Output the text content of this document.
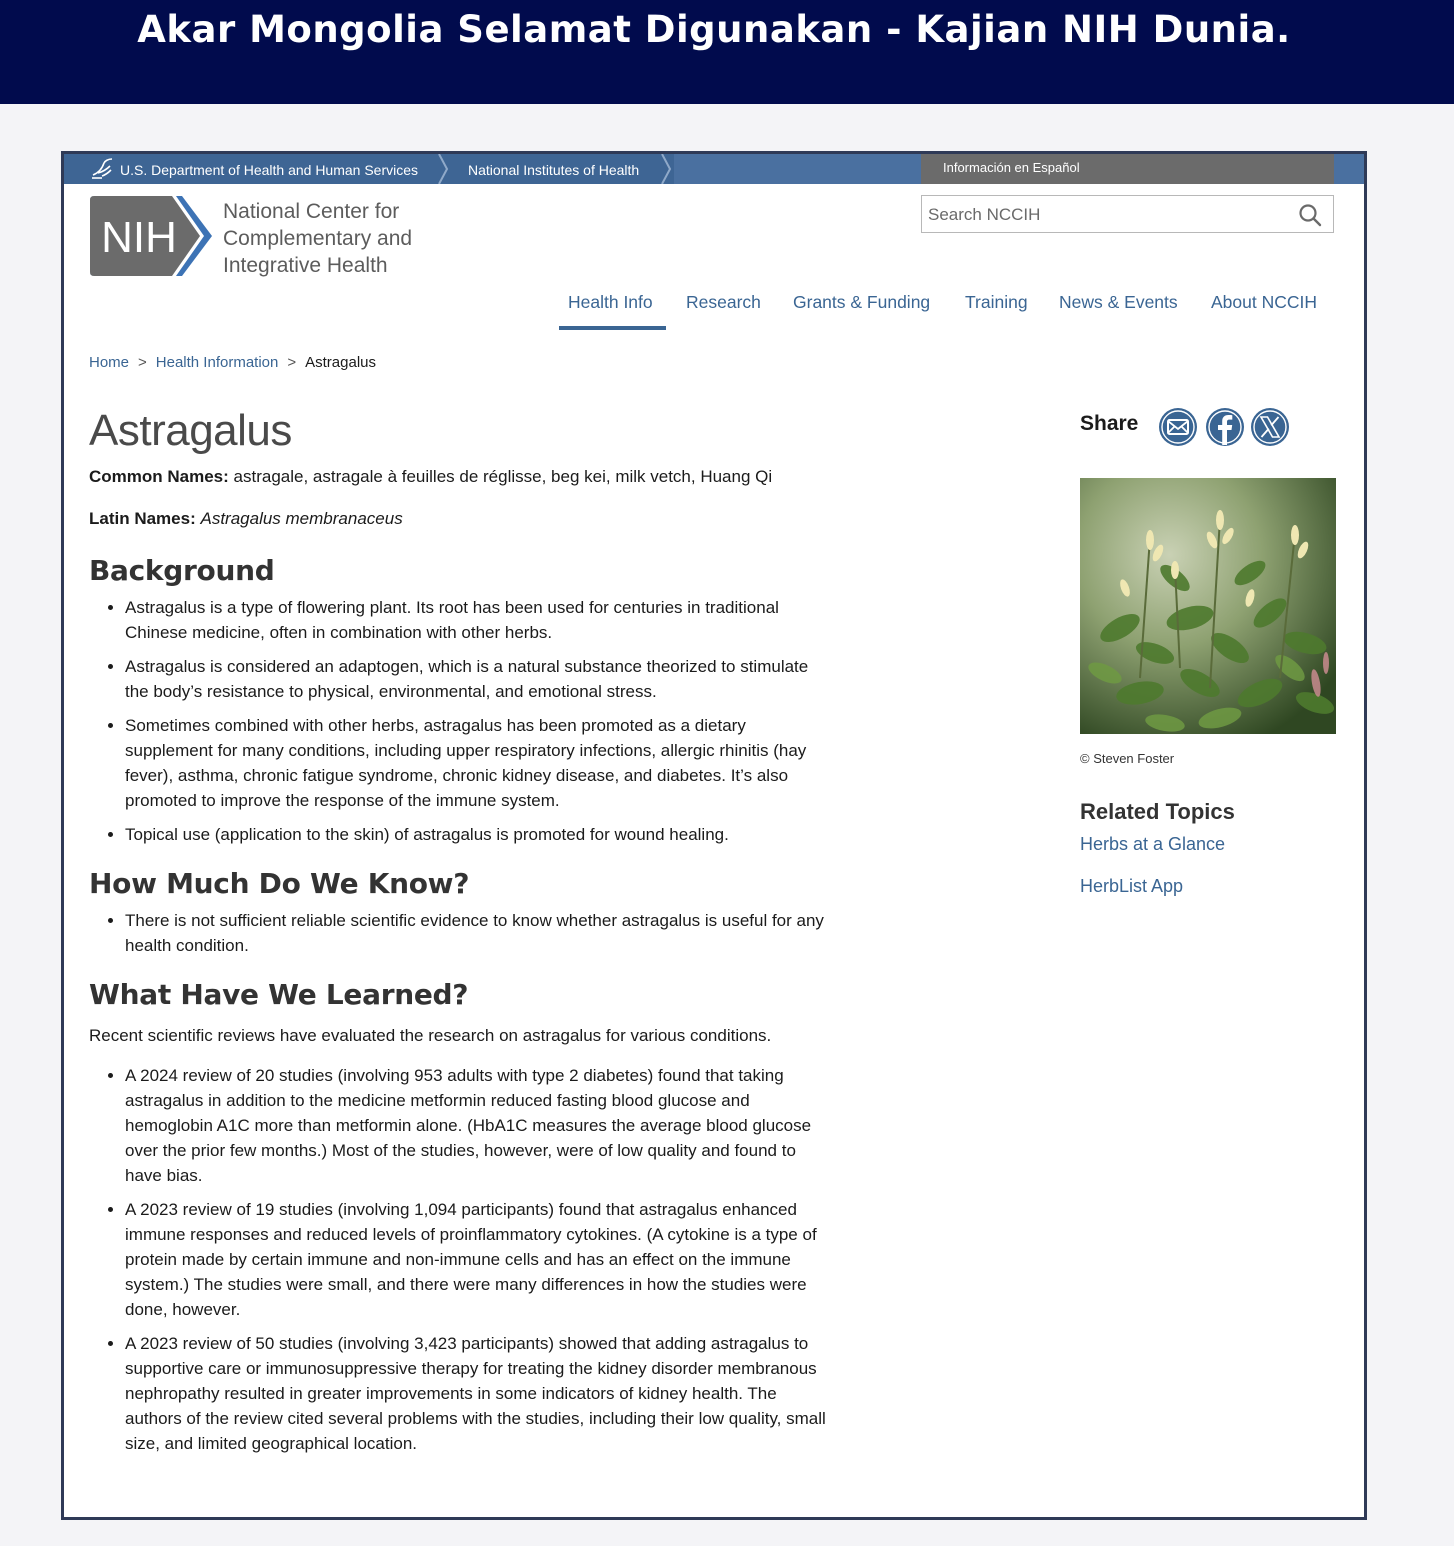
Akar Mongolia Selamat Digunakan - Kajian NIH Dunia.
U.S. Department of Health and Human Services	National Institutes of Health	Información en Español
NIH
National Center for
Complementary and
Integrative Health
Search NCCIH
Health Info Research Grants & Funding Training News & Events About NCCIH
Home > Health Information > Astragalus
Astragalus

Common Names: astragale, astragale à feuilles de réglisse, beg kei, milk vetch, Huang Qi

Latin Names: Astragalus membranaceus

Background
• Astragalus is a type of flowering plant. Its root has been used for centuries in traditional Chinese medicine, often in combination with other herbs.
• Astragalus is considered an adaptogen, which is a natural substance theorized to stimulate the body’s resistance to physical, environmental, and emotional stress.
• Sometimes combined with other herbs, astragalus has been promoted as a dietary supplement for many conditions, including upper respiratory infections, allergic rhinitis (hay fever), asthma, chronic fatigue syndrome, chronic kidney disease, and diabetes. It’s also promoted to improve the response of the immune system.
• Topical use (application to the skin) of astragalus is promoted for wound healing.
How Much Do We Know?
• There is not sufficient reliable scientific evidence to know whether astragalus is useful for any health condition.
What Have We Learned?

Recent scientific reviews have evaluated the research on astragalus for various conditions.

• A 2024 review of 20 studies (involving 953 adults with type 2 diabetes) found that taking astragalus in addition to the medicine metformin reduced fasting blood glucose and hemoglobin A1C more than metformin alone. (HbA1C measures the average blood glucose over the prior few months.) Most of the studies, however, were of low quality and found to have bias.
• A 2023 review of 19 studies (involving 1,094 participants) found that astragalus enhanced immune responses and reduced levels of proinflammatory cytokines. (A cytokine is a type of protein made by certain immune and non-immune cells and has an effect on the immune system.) The studies were small, and there were many differences in how the studies were done, however.
• A 2023 review of 50 studies (involving 3,423 participants) showed that adding astragalus to supportive care or immunosuppressive therapy for treating the kidney disorder membranous nephropathy resulted in greater improvements in some indicators of kidney health. The authors of the review cited several problems with the studies, including their low quality, small size, and limited geographical location.
Share
© Steven Foster
Related Topics
Herbs at a Glance
HerbList App
